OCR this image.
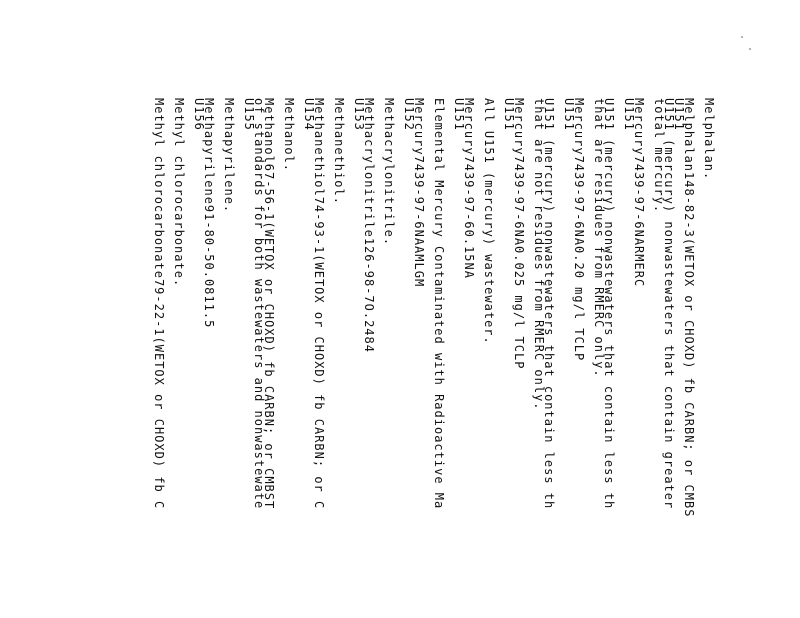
Melphalan.
Melphalan148-82-3(WETOX or CHOXD) fb CARBN; or CMBS
U151
U151 (mercury) nonwastewaters that contain greater
total mercury.
Mercury7439-97-6NARMERC
U151
U151 (mercury) nonwastewaters that contain less th
that are residues from RMERC only.
Mercury7439-97-6NA0.20 mg/l TCLP
U151
U151 (mercury) nonwastewaters that contain less th
that are not residues from RMERC only.
Mercury7439-97-6NA0.025 mg/l TCLP
U151
All U151 (mercury) wastewater.
Mercury7439-97-60.15NA
U151
Elemental Mercury Contaminated with Radioactive Ma
Mercury7439-97-6NAAMLGM
U152
Methacrylonitrile.
Methacrylonitrile126-98-7O.2484
U153
Methanethiol.
Methanethiol74-93-1(WETOX or CHOXD) fb CARBN; or C
U154
Methanol.
Methanol67-56-1(WETOX or CHOXD) fb CARBN; or CMBST
of standards for both wastewaters and nonwastewate
U155
Methapyrilene.
Methapyrilene91-80-50.0811.5
U156
Methyl chlorocarbonate.
Methyl chlorocarbonate79-22-1(WETOX or CHOXD) fb C
